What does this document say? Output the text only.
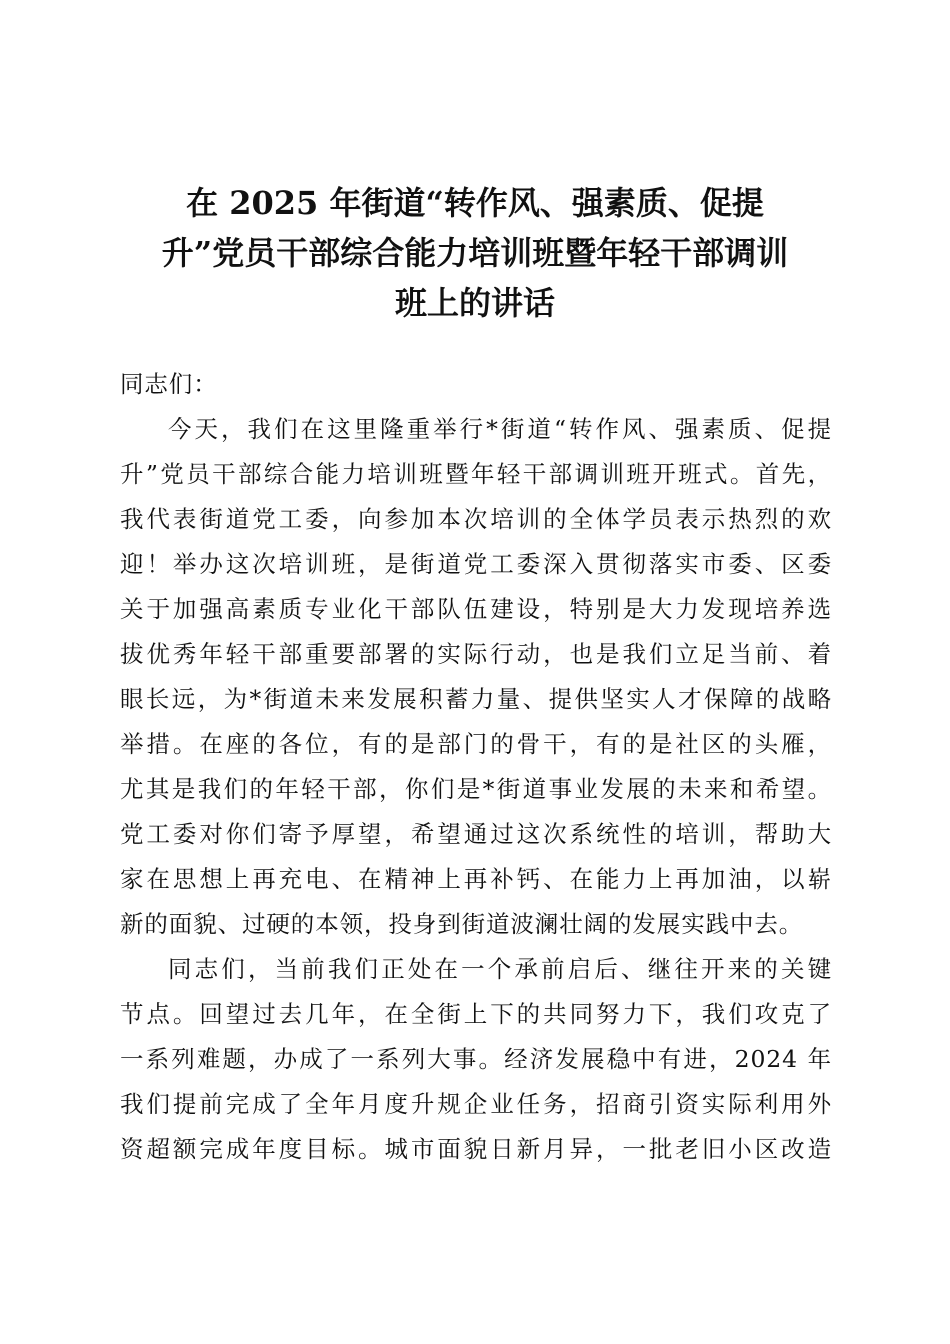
在 2025 年街道“转作风、强素质、促提
升”党员干部综合能力培训班暨年轻干部调训
班上的讲话

同志们：

今天，我们在这里隆重举行*街道“转作风、强素质、促提
升”党员干部综合能力培训班暨年轻干部调训班开班式。首先，
我代表街道党工委，向参加本次培训的全体学员表示热烈的欢
迎！举办这次培训班，是街道党工委深入贯彻落实市委、区委
关于加强高素质专业化干部队伍建设，特别是大力发现培养选
拔优秀年轻干部重要部署的实际行动，也是我们立足当前、着
眼长远，为*街道未来发展积蓄力量、提供坚实人才保障的战略
举措。在座的各位，有的是部门的骨干，有的是社区的头雁，
尤其是我们的年轻干部，你们是*街道事业发展的未来和希望。
党工委对你们寄予厚望，希望通过这次系统性的培训，帮助大
家在思想上再充电、在精神上再补钙、在能力上再加油，以崭
新的面貌、过硬的本领，投身到街道波澜壮阔的发展实践中去。

同志们，当前我们正处在一个承前启后、继往开来的关键
节点。回望过去几年，在全街上下的共同努力下，我们攻克了
一系列难题，办成了一系列大事。经济发展稳中有进，2024 年
我们提前完成了全年月度升规企业任务，招商引资实际利用外
资超额完成年度目标。城市面貌日新月异，一批老旧小区改造
